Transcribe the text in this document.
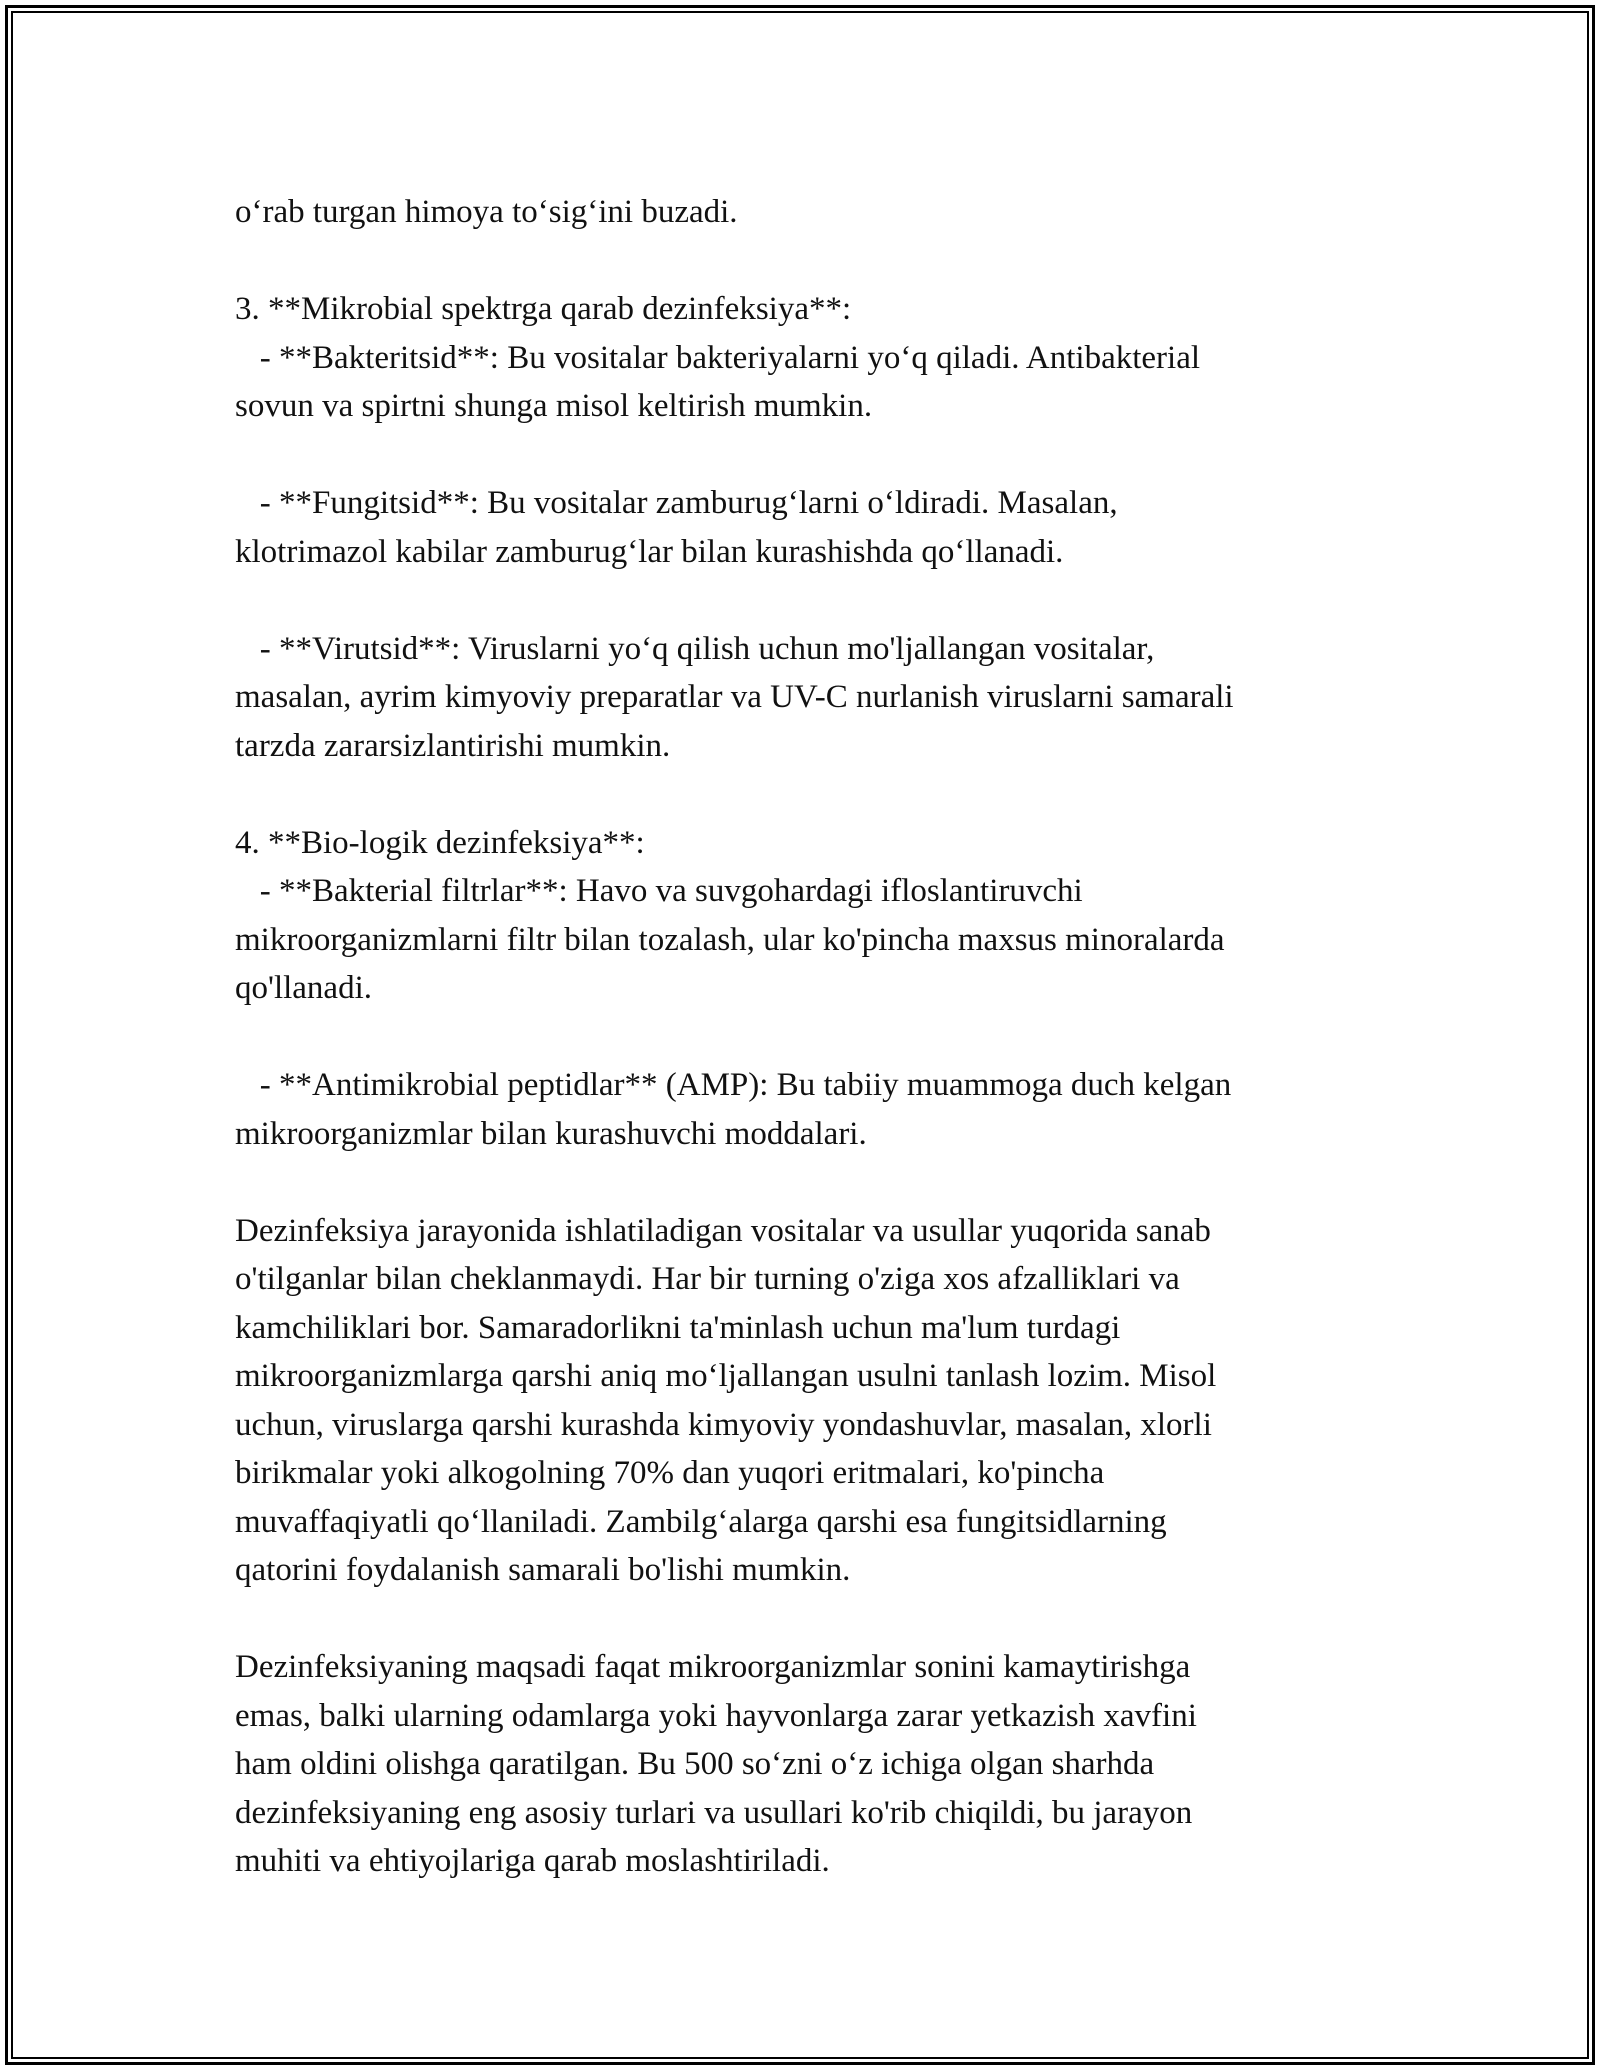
o‘rab turgan himoya to‘sig‘ini buzadi.
3. **Mikrobial spektrga qarab dezinfeksiya**:
- **Bakteritsid**: Bu vositalar bakteriyalarni yo‘q qiladi. Antibakterial
sovun va spirtni shunga misol keltirish mumkin.
- **Fungitsid**: Bu vositalar zamburug‘larni o‘ldiradi. Masalan,
klotrimazol kabilar zamburug‘lar bilan kurashishda qo‘llanadi.
- **Virutsid**: Viruslarni yo‘q qilish uchun mo'ljallangan vositalar,
masalan, ayrim kimyoviy preparatlar va UV-C nurlanish viruslarni samarali
tarzda zararsizlantirishi mumkin.
4. **Bio-logik dezinfeksiya**:
- **Bakterial filtrlar**: Havo va suvgohardagi ifloslantiruvchi
mikroorganizmlarni filtr bilan tozalash, ular ko'pincha maxsus minoralarda
qo'llanadi.
- **Antimikrobial peptidlar** (AMP): Bu tabiiy muammoga duch kelgan
mikroorganizmlar bilan kurashuvchi moddalari.
Dezinfeksiya jarayonida ishlatiladigan vositalar va usullar yuqorida sanab
o'tilganlar bilan cheklanmaydi. Har bir turning o'ziga xos afzalliklari va
kamchiliklari bor. Samaradorlikni ta'minlash uchun ma'lum turdagi
mikroorganizmlarga qarshi aniq mo‘ljallangan usulni tanlash lozim. Misol
uchun, viruslarga qarshi kurashda kimyoviy yondashuvlar, masalan, xlorli
birikmalar yoki alkogolning 70% dan yuqori eritmalari, ko'pincha
muvaffaqiyatli qo‘llaniladi. Zambilg‘alarga qarshi esa fungitsidlarning
qatorini foydalanish samarali bo'lishi mumkin.
Dezinfeksiyaning maqsadi faqat mikroorganizmlar sonini kamaytirishga
emas, balki ularning odamlarga yoki hayvonlarga zarar yetkazish xavfini
ham oldini olishga qaratilgan. Bu 500 so‘zni o‘z ichiga olgan sharhda
dezinfeksiyaning eng asosiy turlari va usullari ko'rib chiqildi, bu jarayon
muhiti va ehtiyojlariga qarab moslashtiriladi.
